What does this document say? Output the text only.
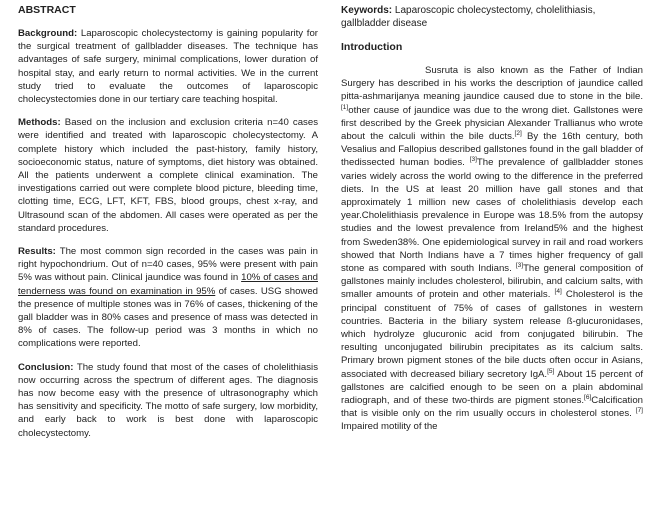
ABSTRACT

Background: Laparoscopic cholecystectomy is gaining popularity for the surgical treatment of gallbladder diseases. The technique has advantages of safe surgery, minimal complications, lower duration of hospital stay, and early return to normal activities. We in the current study tried to evaluate the outcomes of laparoscopic cholecystectomies done in our tertiary care teaching hospital.

Methods: Based on the inclusion and exclusion criteria n=40 cases were identified and treated with laparoscopic cholecystectomy. A complete history which included the past-history, family history, socioeconomic status, nature of symptoms, diet history was obtained. All the patients underwent a complete clinical examination. The investigations carried out were complete blood picture, bleeding time, clotting time, ECG, LFT, KFT, FBS, blood groups, chest x-ray, and Ultrasound scan of the abdomen. All cases were operated as per the standard procedures.

Results: The most common sign recorded in the cases was pain in right hypochondrium. Out of n=40 cases, 95% were present with pain 5% was without pain. Clinical jaundice was found in 10% of cases and tenderness was found on examination in 95% of cases. USG showed the presence of multiple stones was in 76% of cases, thickening of the gall bladder was in 80% cases and presence of mass was detected in 8% of cases. The follow-up period was 3 months in which no complications were reported.

Conclusion: The study found that most of the cases of cholelithiasis now occurring across the spectrum of different ages. The diagnosis has now become easy with the presence of ultrasonography which has sensitivity and specificity. The motto of safe surgery, low morbidity, and early back to work is best done with laparoscopic cholecystectomy.

Keywords: Laparoscopic cholecystectomy, cholelithiasis, gallbladder disease

Introduction

Susruta is also known as the Father of Indian Surgery has described in his works the description of jaundice called pitta-ashmarijanya meaning jaundice caused due to stone in the bile.[1]other cause of jaundice was due to the wrong diet. Gallstones were first described by the Greek physician Alexander Trallianus who wrote about the calculi within the bile ducts.[2] By the 16th century, both Vesalius and Fallopius described gallstones found in the gall bladder of thedissected human bodies. [3]The prevalence of gallbladder stones varies widely across the world owing to the difference in the preferred diets. In the US at least 20 million have gall stones and that approximately 1 million new cases of cholelithiasis develop each year.Cholelithiasis prevalence in Europe was 18.5% from the autopsy studies and the lowest prevalence from Ireland5% and the highest from Sweden38%. One epidemiological survey in rail and road workers showed that North Indians have a 7 times higher frequency of gall stone as compared with south Indians. [3]The general composition of gallstones mainly includes cholesterol, bilirubin, and calcium salts, with smaller amounts of protein and other materials. [4] Cholesterol is the principal constituent of 75% of cases of gallstones in western countries. Bacteria in the biliary system release ß-glucuronidases, which hydrolyze glucuronic acid from conjugated bilirubin. The resulting unconjugated bilirubin precipitates as its calcium salts. Primary brown pigment stones of the bile ducts often occur in Asians, associated with decreased biliary secretory IgA.[5] About 15 percent of gallstones are calcified enough to be seen on a plain abdominal radiograph, and of these two-thirds are pigment stones.[6]Calcification that is visible only on the rim usually occurs in cholesterol stones. [7] Impaired motility of the
